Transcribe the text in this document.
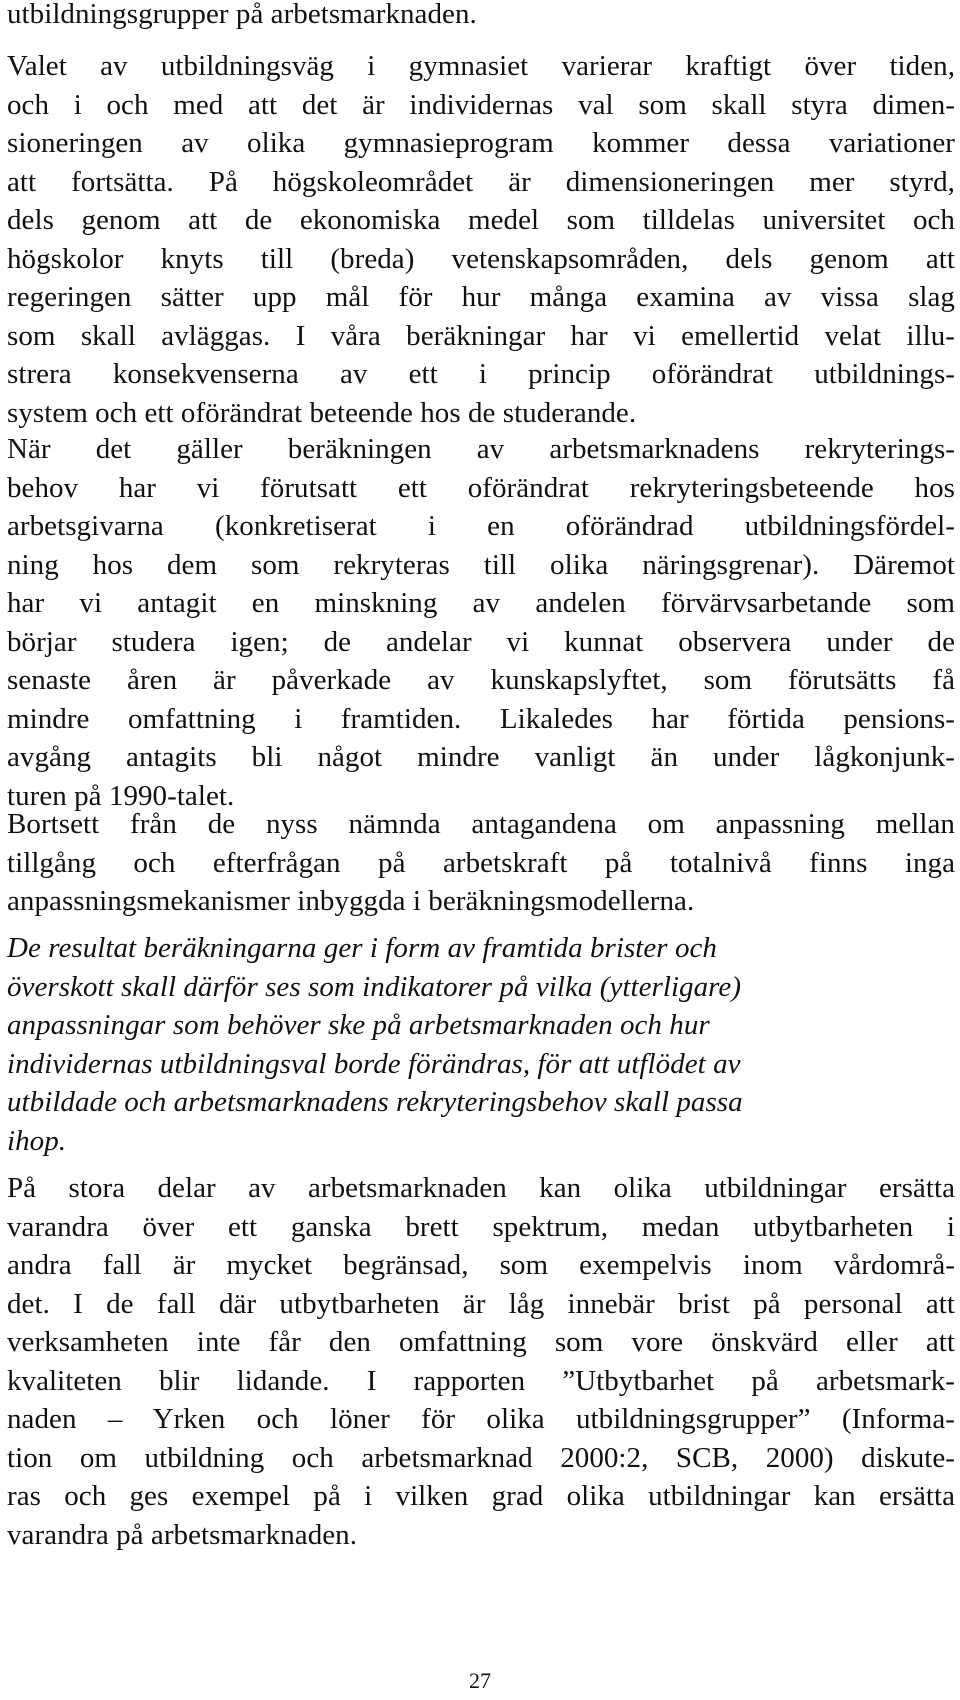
utbildningsgrupper på arbetsmarknaden.
Valet av utbildningsväg i gymnasiet varierar kraftigt över tiden,
och i och med att det är individernas val som skall styra dimen-
sioneringen av olika gymnasieprogram kommer dessa variationer
att fortsätta. På högskoleområdet är dimensioneringen mer styrd,
dels genom att de ekonomiska medel som tilldelas universitet och
högskolor knyts till (breda) vetenskapsområden, dels genom att
regeringen sätter upp mål för hur många examina av vissa slag
som skall avläggas. I våra beräkningar har vi emellertid velat illu-
strera konsekvenserna av ett i princip oförändrat utbildnings-
system och ett oförändrat beteende hos de studerande.
När det gäller beräkningen av arbetsmarknadens rekryterings-
behov har vi förutsatt ett oförändrat rekryteringsbeteende hos
arbetsgivarna (konkretiserat i en oförändrad utbildningsfördel-
ning hos dem som rekryteras till olika näringsgrenar). Däremot
har vi antagit en minskning av andelen förvärvsarbetande som
börjar studera igen; de andelar vi kunnat observera under de
senaste åren är påverkade av kunskapslyftet, som förutsätts få
mindre omfattning i framtiden. Likaledes har förtida pensions-
avgång antagits bli något mindre vanligt än under lågkonjunk-
turen på 1990-talet.
Bortsett från de nyss nämnda antagandena om anpassning mellan
tillgång och efterfrågan på arbetskraft på totalnivå finns inga
anpassningsmekanismer inbyggda i beräkningsmodellerna.
De resultat beräkningarna ger i form av framtida brister och
överskott skall därför ses som indikatorer på vilka (ytterligare)
anpassningar som behöver ske på arbetsmarknaden och hur
individernas utbildningsval borde förändras, för att utflödet av
utbildade och arbetsmarknadens rekryteringsbehov skall passa
ihop.
På stora delar av arbetsmarknaden kan olika utbildningar ersätta
varandra över ett ganska brett spektrum, medan utbytbarheten i
andra fall är mycket begränsad, som exempelvis inom vårdområ-
det. I de fall där utbytbarheten är låg innebär brist på personal att
verksamheten inte får den omfattning som vore önskvärd eller att
kvaliteten blir lidande. I rapporten ”Utbytbarhet på arbetsmark-
naden – Yrken och löner för olika utbildningsgrupper” (Informa-
tion om utbildning och arbetsmarknad 2000:2, SCB, 2000) diskute-
ras och ges exempel på i vilken grad olika utbildningar kan ersätta
varandra på arbetsmarknaden.
27
